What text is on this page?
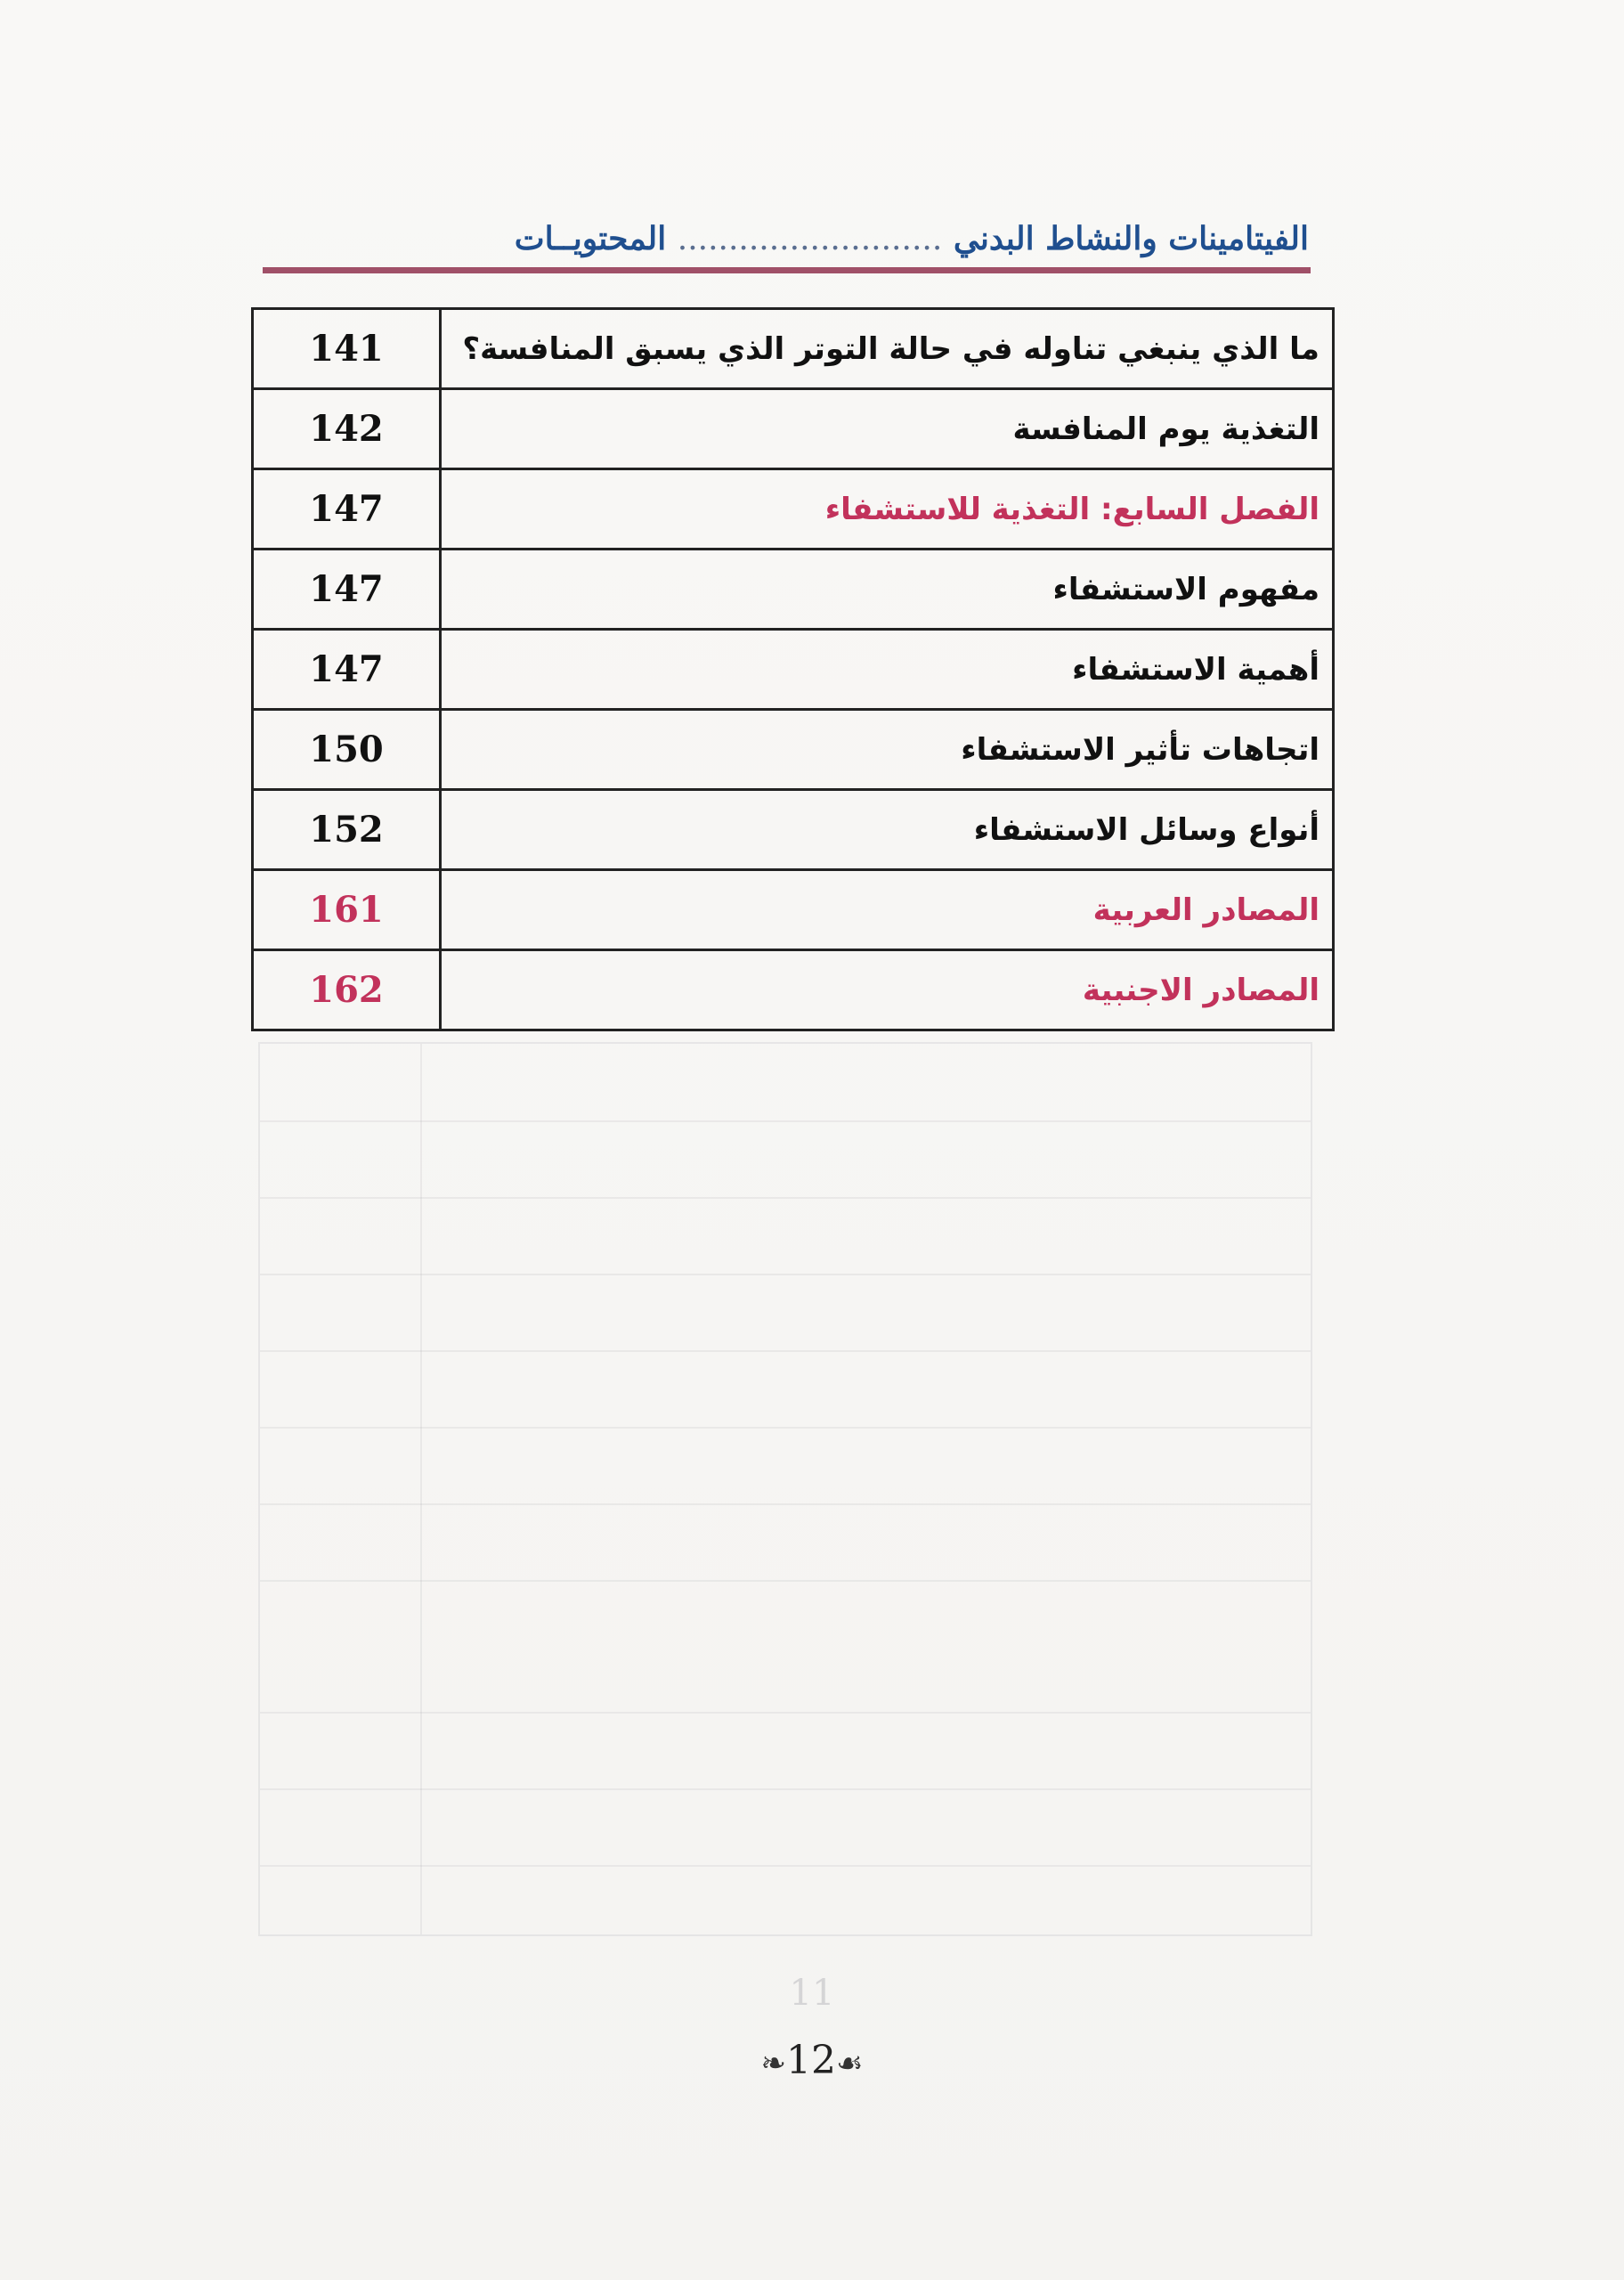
الفيتامينات والنشاط البدني .......................... المحتويــات
ما الذي ينبغي تناوله في حالة التوتر الذي يسبق المنافسة؟	141
التغذية يوم المنافسة	142
الفصل السابع: التغذية للاستشفاء	147
مفهوم الاستشفاء	147
أهمية الاستشفاء	147
اتجاهات تأثير الاستشفاء	150
أنواع وسائل الاستشفاء	152
المصادر العربية	161
المصادر الاجنبية	162
11
❧12☙
